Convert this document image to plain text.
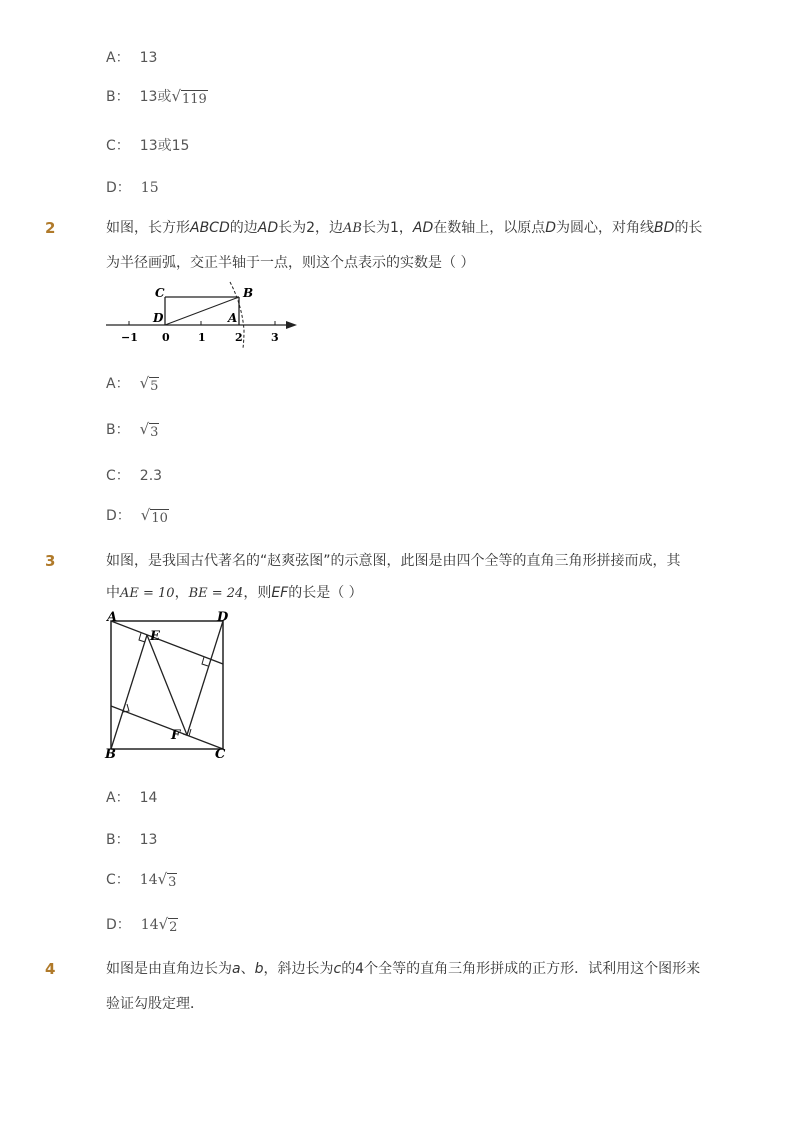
A： 13
B： 13或 √ 119
C： 13或15
D： 15
2	如图，长方形ABCD的边AD长为2，边AB长为1，AD在数轴上，以原点D为圆心，对角线BD的长
为半径画弧，交正半轴于一点，则这个点表示的实数是（ ）
C	B
D	A
−1 0	1	2	3
A： √ 5
B： √ 3
C： 2.3
D： √ 10
3	如图，是我国古代著名的“赵爽弦图”的示意图，此图是由四个全等的直角三角形拼接而成，其
中AE = 10，BE = 24，则EF的长是（ ）
A	D
E
F
B	C
A： 14
B： 13
C： 14 √ 3
D： 14 √ 2
4	如图是由直角边长为a、b，斜边长为c的4个全等的直角三角形拼成的正方形．试利用这个图形来
验证勾股定理．
